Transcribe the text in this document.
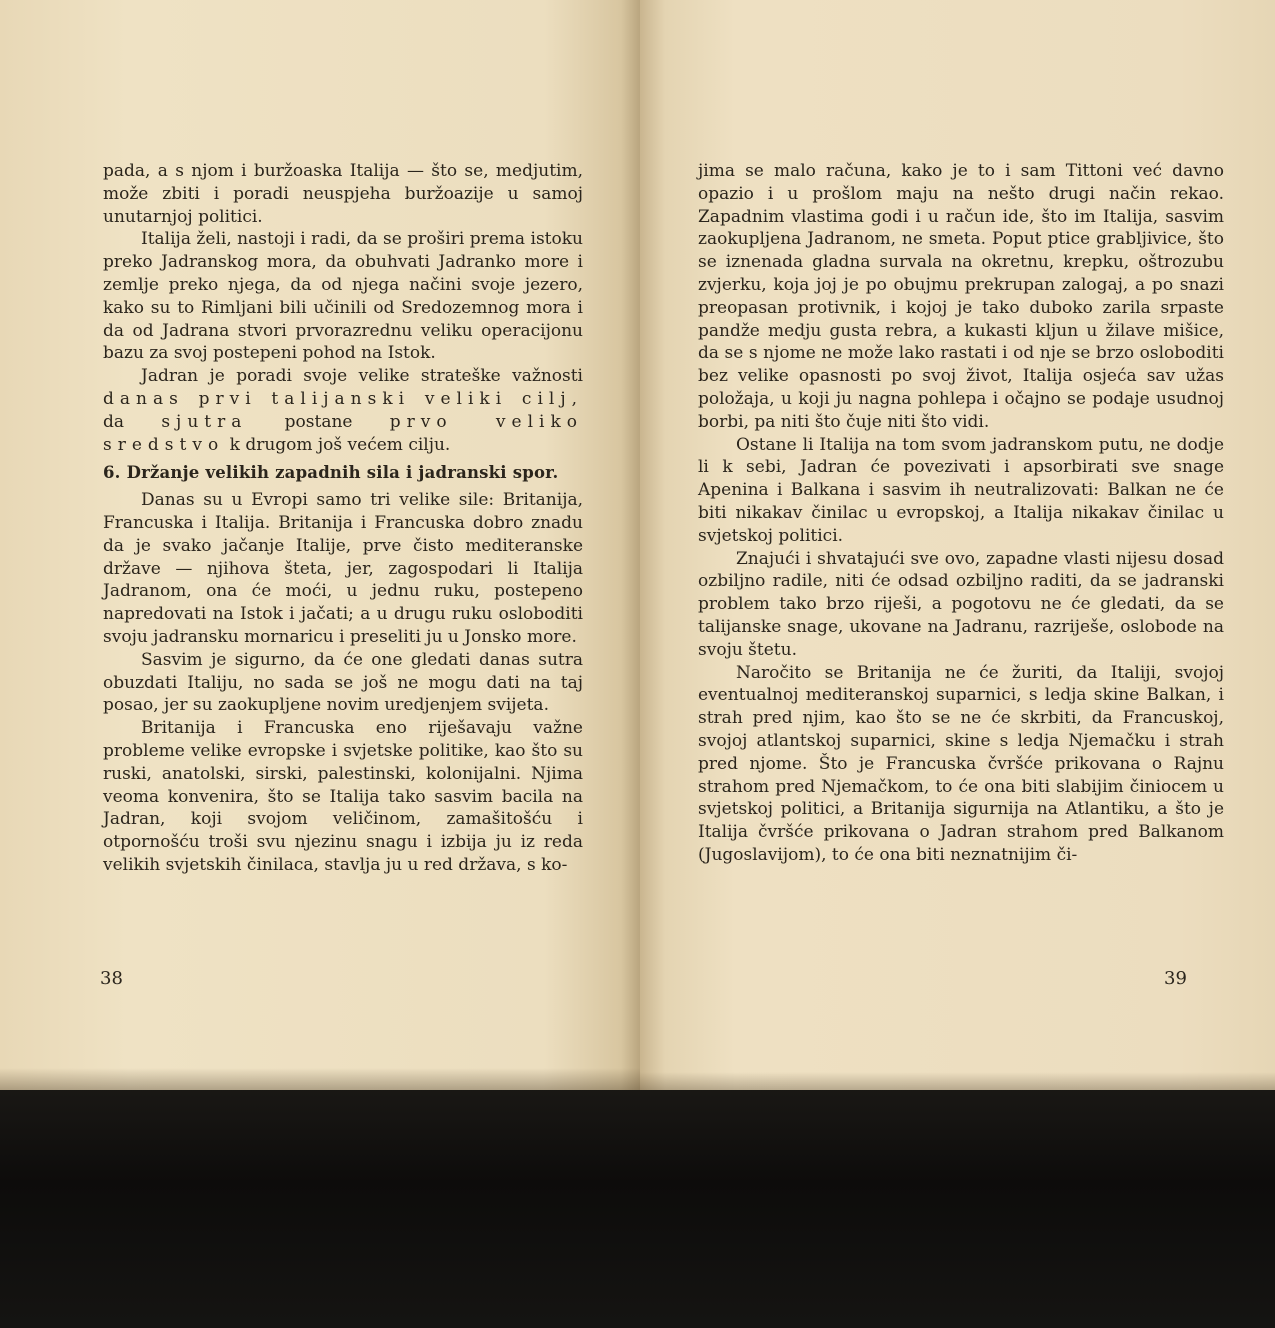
pada, a s njom i buržoaska Italija — što se, medjutim, može zbiti i poradi neuspjeha buržoazije u samoj unutarnjoj politici.

Italija želi, nastoji i radi, da se proširi prema istoku preko Jadranskog mora, da obuhvati Jadranko more i zemlje preko njega, da od njega načini svoje jezero, kako su to Rimljani bili učinili od Sredozemnog mora i da od Jadrana stvori prvorazrednu veliku operacijonu bazu za svoj postepeni pohod na Istok.

Jadran je poradi svoje velike strateške važnosti danas prvi talijanski veliki cilj, da sjutra postane prvo veliko sredstvo k drugom još većem cilju.

6. Držanje velikih zapadnih sila i jadranski spor.

Danas su u Evropi samo tri velike sile: Britanija, Francuska i Italija. Britanija i Francuska dobro znadu da je svako jačanje Italije, prve čisto mediteranske države — njihova šteta, jer, zagospodari li Italija Jadranom, ona će moći, u jednu ruku, postepeno napredovati na Istok i jačati; a u drugu ruku osloboditi svoju jadransku mornaricu i preseliti ju u Jonsko more.

Sasvim je sigurno, da će one gledati danas sutra obuzdati Italiju, no sada se još ne mogu dati na taj posao, jer su zaokupljene novim uredjenjem svijeta.

Britanija i Francuska eno riješavaju važne probleme velike evropske i svjetske politike, kao što su ruski, anatolski, sirski, palestinski, kolonijalni. Njima veoma konvenira, što se Italija tako sasvim bacila na Jadran, koji svojom veličinom, zamašitošću i otpornošću troši svu njezinu snagu i izbija ju iz reda velikih svjetskih činilaca, stavlja ju u red država, s ko-

38

jima se malo računa, kako je to i sam Tittoni već davno opazio i u prošlom maju na nešto drugi način rekao. Zapadnim vlastima godi i u račun ide, što im Italija, sasvim zaokupljena Jadranom, ne smeta. Poput ptice grabljivice, što se iznenada gladna survala na okretnu, krepku, oštrozubu zvjerku, koja joj je po obujmu prekrupan zalogaj, a po snazi preopasan protivnik, i kojoj je tako duboko zarila srpaste pandže medju gusta rebra, a kukasti kljun u žilave mišice, da se s njome ne može lako rastati i od nje se brzo osloboditi bez velike opasnosti po svoj život, Italija osjeća sav užas položaja, u koji ju nagna pohlepa i očajno se podaje usudnoj borbi, pa niti što čuje niti što vidi.

Ostane li Italija na tom svom jadranskom putu, ne dodje li k sebi, Jadran će povezivati i apsorbirati sve snage Apenina i Balkana i sasvim ih neutralizovati: Balkan ne će biti nikakav činilac u evropskoj, a Italija nikakav činilac u svjetskoj politici.

Znajući i shvatajući sve ovo, zapadne vlasti nijesu dosad ozbiljno radile, niti će odsad ozbiljno raditi, da se jadranski problem tako brzo riješi, a pogotovu ne će gledati, da se talijanske snage, ukovane na Jadranu, razriješe, oslobode na svoju štetu.

Naročito se Britanija ne će žuriti, da Italiji, svojoj eventualnoj mediteranskoj suparnici, s ledja skine Balkan, i strah pred njim, kao što se ne će skrbiti, da Francuskoj, svojoj atlantskoj suparnici, skine s ledja Njemačku i strah pred njome. Što je Francuska čvršće prikovana o Rajnu strahom pred Njemačkom, to će ona biti slabijim činiocem u svjetskoj politici, a Britanija sigurnija na Atlantiku, a što je Italija čvršće prikovana o Jadran strahom pred Balkanom (Jugoslavijom), to će ona biti neznatnijim či-

39
